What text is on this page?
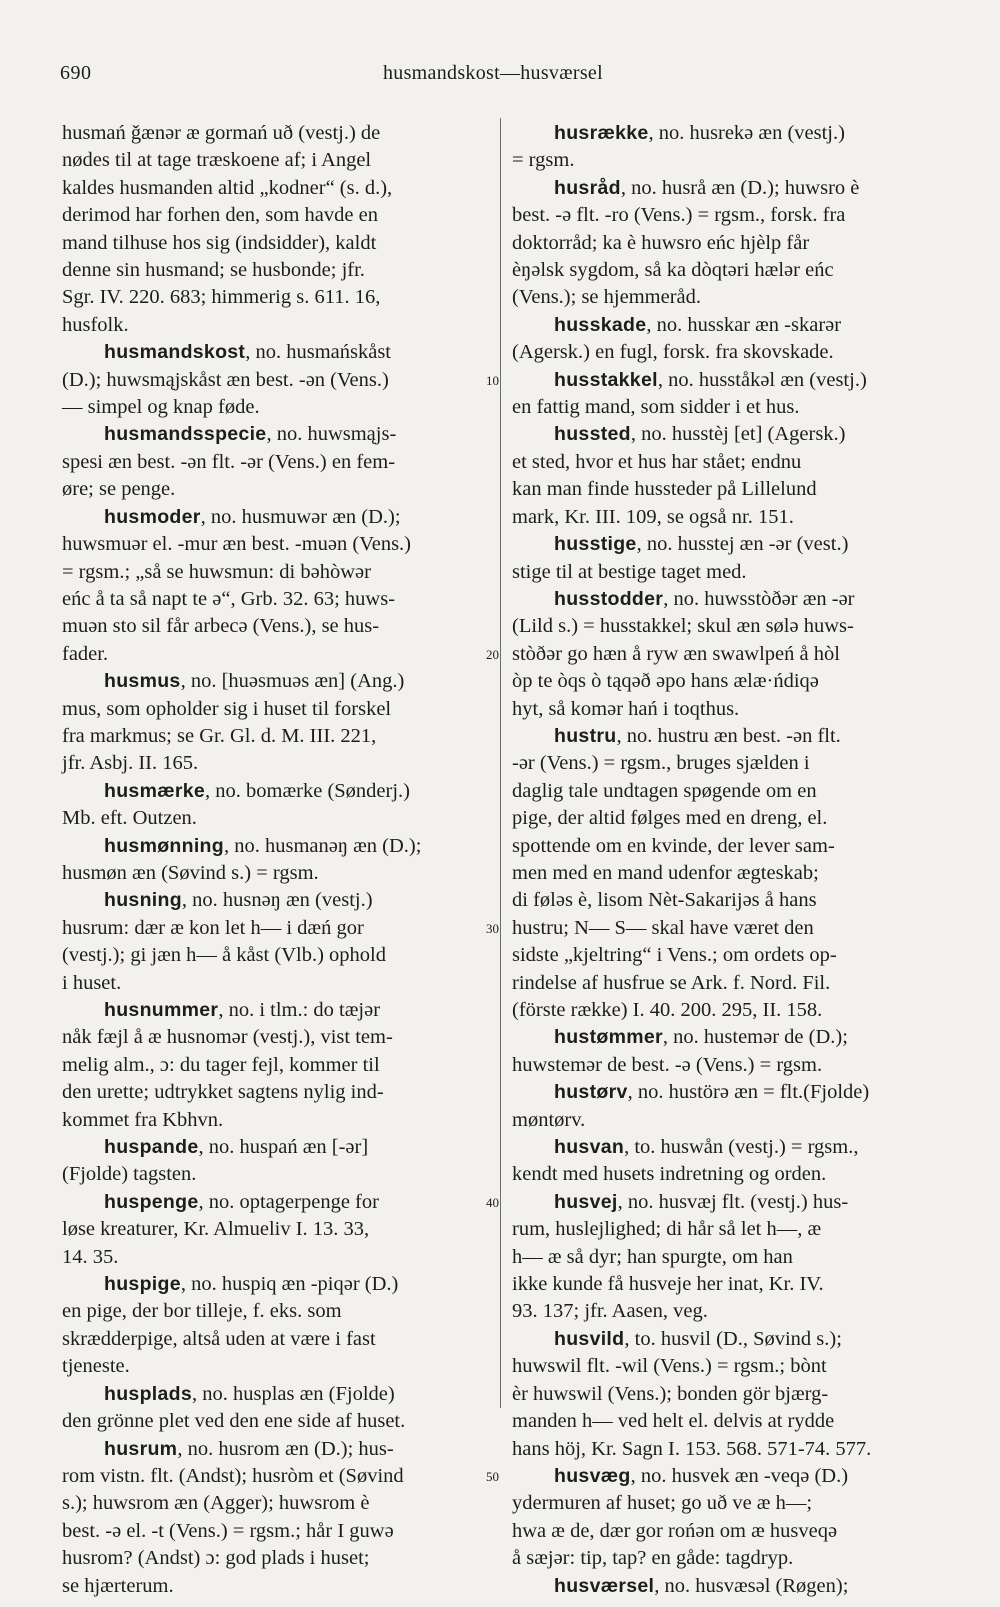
690	husmandskost—husværsel
husmań ǧænər æ gormań uð (vestj.) de
nødes til at tage træskoene af; i Angel
kaldes husmanden altid „kodner“ (s. d.),
derimod har forhen den, som havde en
mand tilhuse hos sig (indsidder), kaldt
denne sin husmand; se husbonde; jfr.
Sgr. IV. 220. 683; himmerig s. 611. 16,
husfolk.
husmandskost, no. husmańskåst
(D.); huwsmąjskåst æn best. -ən (Vens.)
— simpel og knap føde.
husmandsspecie, no. huwsmąjs-
spesi æn best. -ən flt. -ər (Vens.) en fem-
øre; se penge.
husmoder, no. husmuwər æn (D.);
huwsmuər el. -mur æn best. -muən (Vens.)
= rgsm.; „så se huwsmun: di bəhòwər
eńc å ta så napt te ə“, Grb. 32. 63; huws-
muən sto sil får arbecə (Vens.), se hus-
fader.
husmus, no. [huəsmuəs æn] (Ang.)
mus, som opholder sig i huset til forskel
fra markmus; se Gr. Gl. d. M. III. 221,
jfr. Asbj. II. 165.
husmærke, no. bomærke (Sønderj.)
Mb. eft. Outzen.
husmønning, no. husmanəŋ æn (D.);
husmøn æn (Søvind s.) = rgsm.
husning, no. husnəŋ æn (vestj.)
husrum: dær æ kon let h— i dæń gor
(vestj.); gi jæn h— å kåst (Vlb.) ophold
i huset.
husnummer, no. i tlm.: do tæjər
nåk fæjl å æ husnomər (vestj.), vist tem-
melig alm., ɔ: du tager fejl, kommer til
den urette; udtrykket sagtens nylig ind-
kommet fra Kbhvn.
huspande, no. huspań æn [-ər]
(Fjolde) tagsten.
huspenge, no. optagerpenge for
løse kreaturer, Kr. Almueliv I. 13. 33,
14. 35.
huspige, no. huspiq æn -piqər (D.)
en pige, der bor tilleje, f. eks. som
skrædderpige, altså uden at være i fast
tjeneste.
husplads, no. husplas æn (Fjolde)
den grönne plet ved den ene side af huset.
husrum, no. husrom æn (D.); hus-
rom vistn. flt. (Andst); husròm et (Søvind
s.); huwsrom æn (Agger); huwsrom è
best. -ə el. -t (Vens.) = rgsm.; hår I guwə
husrom? (Andst) ɔ: god plads i huset;
se hjærterum.
husrække, no. husrekə æn (vestj.)
= rgsm.
husråd, no. husrå æn (D.); huwsro è
best. -ə flt. -ro (Vens.) = rgsm., forsk. fra
doktorråd; ka è huwsro eńc hjèlp får
èŋəlsk sygdom, så ka dòqtəri hælər eńc
(Vens.); se hjemmeråd.
husskade, no. husskar æn -skarər
(Agersk.) en fugl, forsk. fra skovskade.
husstakkel, no. husståkəl æn (vestj.)
en fattig mand, som sidder i et hus.
hussted, no. husstèj [et] (Agersk.)
et sted, hvor et hus har stået; endnu
kan man finde hussteder på Lillelund
mark, Kr. III. 109, se også nr. 151.
husstige, no. husstej æn -ər (vest.)
stige til at bestige taget med.
husstodder, no. huwsstòðər æn -ər
(Lild s.) = husstakkel; skul æn sølə huws-
stòðər go hæn å ryw æn swawlpeń å hòl
òp te òqs ò tąqəð əpo hans ælæ·ńdiqə
hyt, så komər hań i toqthus.
hustru, no. hustru æn best. -ən flt.
-ər (Vens.) = rgsm., bruges sjælden i
daglig tale undtagen spøgende om en
pige, der altid følges med en dreng, el.
spottende om en kvinde, der lever sam-
men med en mand udenfor ægteskab;
di føləs è, lisom Nèt-Sakarijəs å hans
hustru; N— S— skal have været den
sidste „kjeltring“ i Vens.; om ordets op-
rindelse af husfrue se Ark. f. Nord. Fil.
(förste række) I. 40. 200. 295, II. 158.
hustømmer, no. hustemər de (D.);
huwstemər de best. -ə (Vens.) = rgsm.
hustørv, no. hustörə æn = flt.(Fjolde)
møntørv.
husvan, to. huswån (vestj.) = rgsm.,
kendt med husets indretning og orden.
husvej, no. husvæj flt. (vestj.) hus-
rum, huslejlighed; di hår så let h—, æ
h— æ så dyr; han spurgte, om han
ikke kunde få husveje her inat, Kr. IV.
93. 137; jfr. Aasen, veg.
husvild, to. husvil (D., Søvind s.);
huwswil flt. -wil (Vens.) = rgsm.; bònt
èr huwswil (Vens.); bonden gör bjærg-
manden h— ved helt el. delvis at rydde
hans höj, Kr. Sagn I. 153. 568. 571-74. 577.
husvæg, no. husvek æn -veqə (D.)
ydermuren af huset; go uð ve æ h—;
hwa æ de, dær gor rońən om æ husveqə
å sæjər: tip, tap? en gåde: tagdryp.
husværsel, no. husvæsəl (Røgen);
10
20
30
40
50
